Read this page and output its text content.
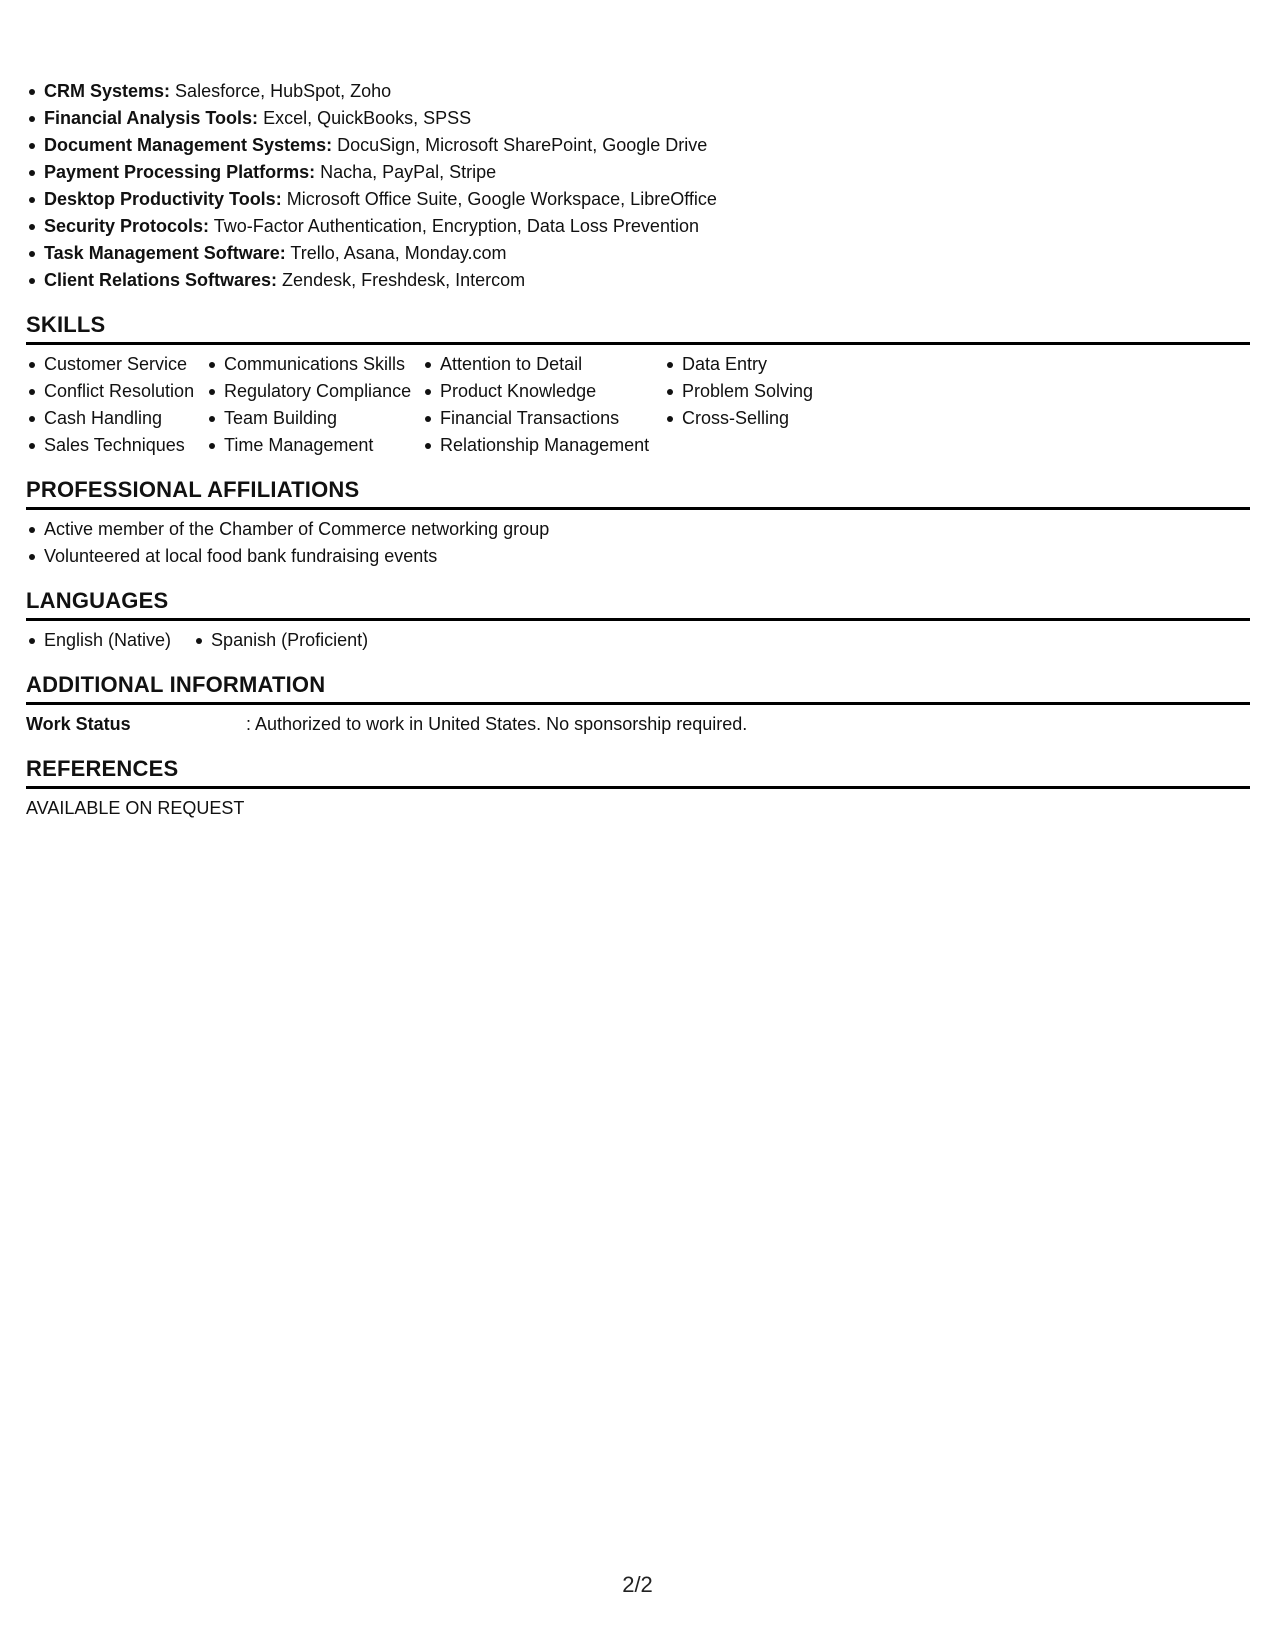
CRM Systems: Salesforce, HubSpot, Zoho
Financial Analysis Tools: Excel, QuickBooks, SPSS
Document Management Systems: DocuSign, Microsoft SharePoint, Google Drive
Payment Processing Platforms: Nacha, PayPal, Stripe
Desktop Productivity Tools: Microsoft Office Suite, Google Workspace, LibreOffice
Security Protocols: Two-Factor Authentication, Encryption, Data Loss Prevention
Task Management Software: Trello, Asana, Monday.com
Client Relations Softwares: Zendesk, Freshdesk, Intercom
SKILLS
Customer Service
Conflict Resolution
Cash Handling
Sales Techniques
Communications Skills
Regulatory Compliance
Team Building
Time Management
Attention to Detail
Product Knowledge
Financial Transactions
Relationship Management
Data Entry
Problem Solving
Cross-Selling
PROFESSIONAL AFFILIATIONS
Active member of the Chamber of Commerce networking group
Volunteered at local food bank fundraising events
LANGUAGES
English (Native)	Spanish (Proficient)
ADDITIONAL INFORMATION
Work Status	: Authorized to work in United States. No sponsorship required.
REFERENCES
AVAILABLE ON REQUEST
2/2
